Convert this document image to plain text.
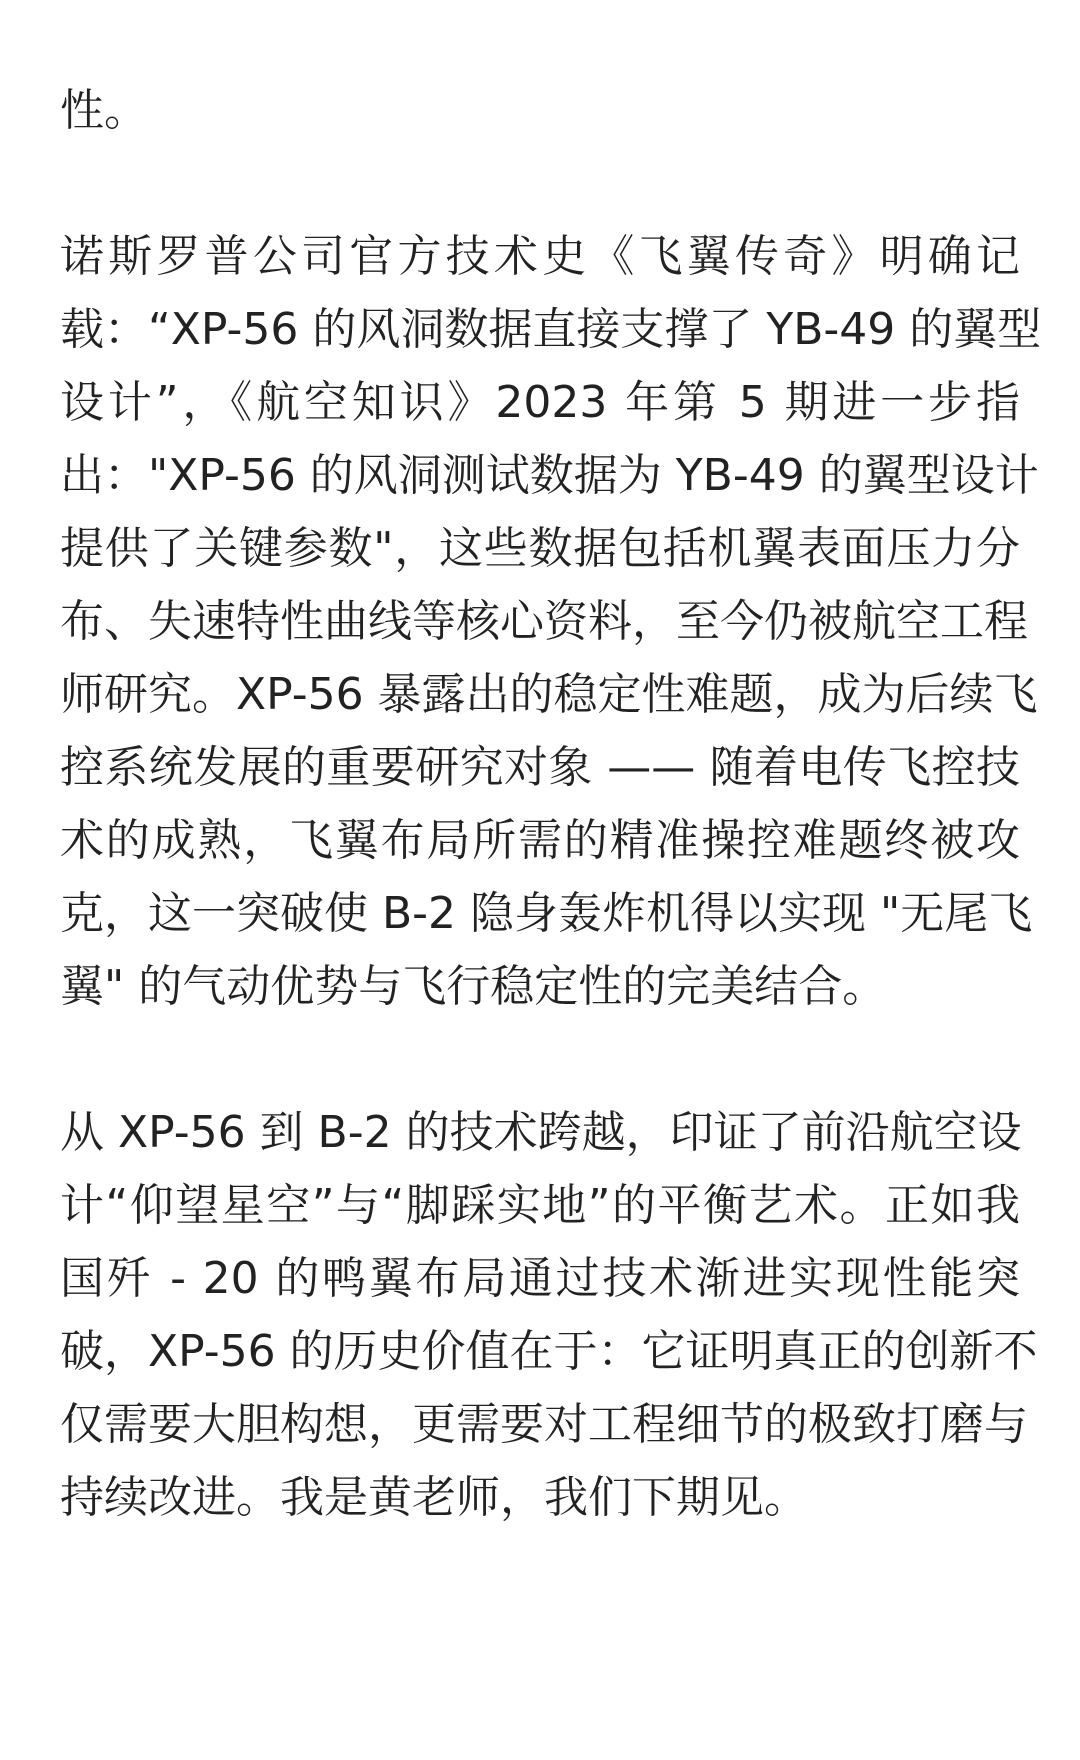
性。
诺斯罗普公司官方技术史《飞翼传奇》明确记
载：“XP-56 的风洞数据直接支撑了 YB-49 的翼型
设计”，《航空知识》2023 年第 5 期进一步指
出："XP-56 的风洞测试数据为 YB-49 的翼型设计
提供了关键参数"，这些数据包括机翼表面压力分
布、失速特性曲线等核心资料，至今仍被航空工程
师研究。XP-56 暴露出的稳定性难题，成为后续飞
控系统发展的重要研究对象 —— 随着电传飞控技
术的成熟，飞翼布局所需的精准操控难题终被攻
克，这一突破使 B-2 隐身轰炸机得以实现 "无尾飞
翼" 的气动优势与飞行稳定性的完美结合。
从 XP-56 到 B-2 的技术跨越，印证了前沿航空设
计“仰望星空”与“脚踩实地”的平衡艺术。正如我
国歼 - 20 的鸭翼布局通过技术渐进实现性能突
破，XP-56 的历史价值在于：它证明真正的创新不
仅需要大胆构想，更需要对工程细节的极致打磨与
持续改进。我是黄老师，我们下期见。
